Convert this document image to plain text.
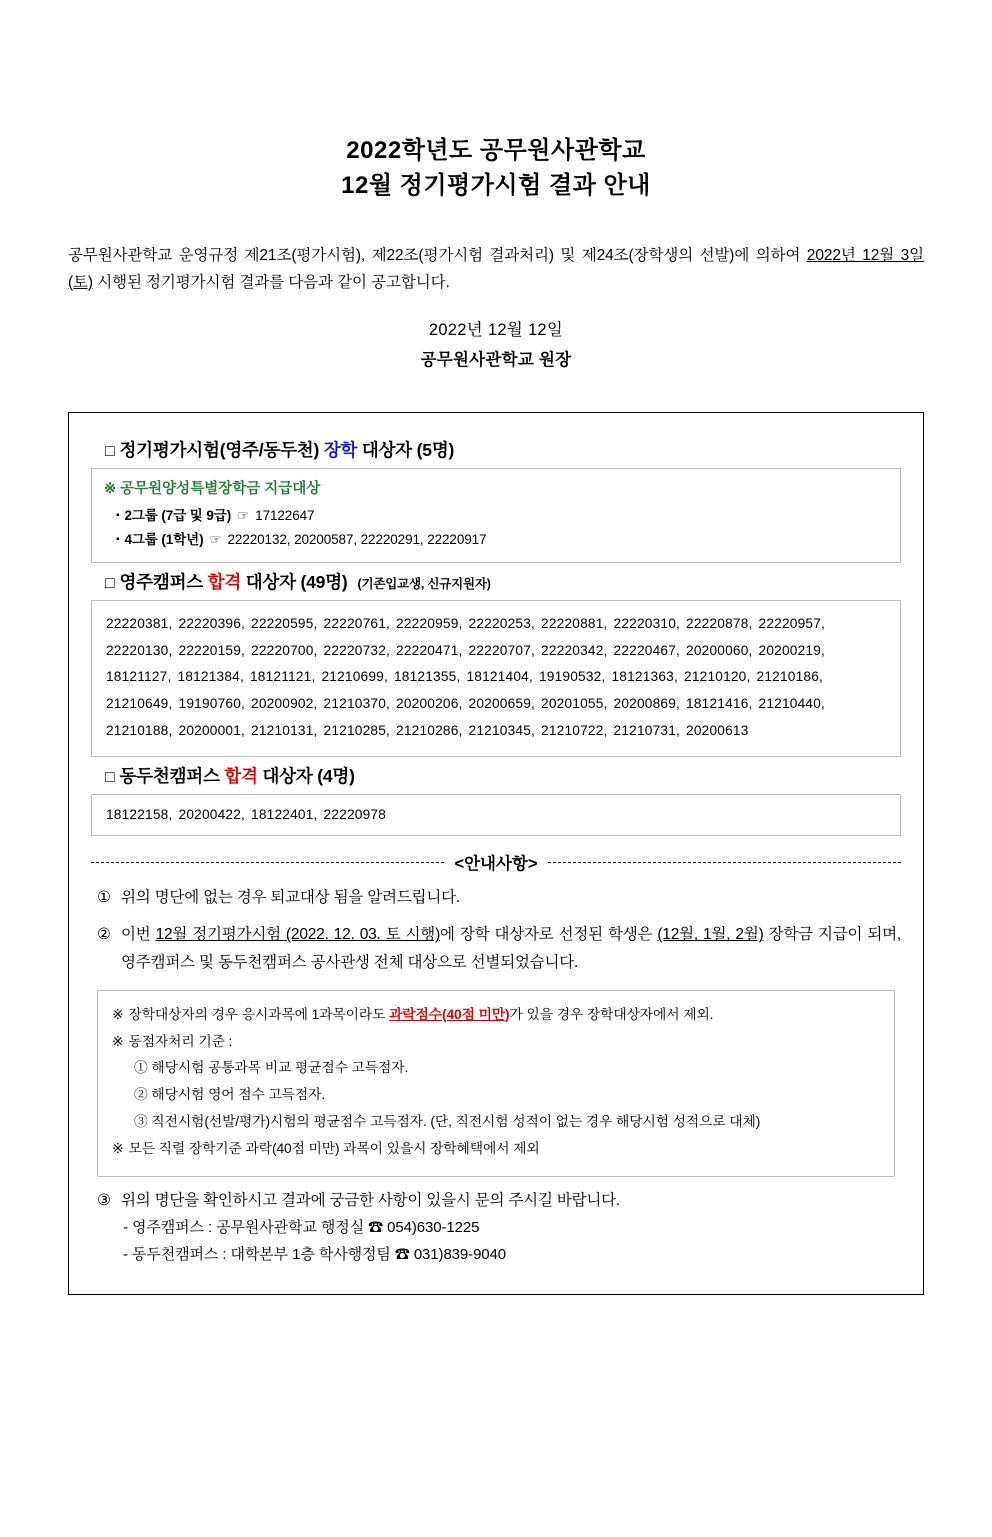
2022학년도 공무원사관학교
12월 정기평가시험 결과 안내
공무원사관학교 운영규정 제21조(평가시험), 제22조(평가시험 결과처리) 및 제24조(장학생의 선발)에 의하여 2022년 12월 3일 (토) 시행된 정기평가시험 결과를 다음과 같이 공고합니다.
2022년 12월 12일
공무원사관학교 원장
□ 정기평가시험(영주/동두천) 장학 대상자 (5명)
※ 공무원양성특별장학금 지급대상
▪ 2그룹 (7급 및 9급) ☞ 17122647
▪ 4그룹 (1학년) ☞ 22220132, 20200587, 22220291, 22220917
□ 영주캠퍼스 합격 대상자 (49명) (기존입교생, 신규지원자)
22220381, 22220396, 22220595, 22220761, 22220959, 22220253, 22220881, 22220310, 22220878, 22220957, 22220130, 22220159, 22220700, 22220732, 22220471, 22220707, 22220342, 22220467, 20200060, 20200219, 18121127, 18121384, 18121121, 21210699, 18121355, 18121404, 19190532, 18121363, 21210120, 21210186, 21210649, 19190760, 20200902, 21210370, 20200206, 20200659, 20201055, 20200869, 18121416, 21210440, 21210188, 20200001, 21210131, 21210285, 21210286, 21210345, 21210722, 21210731, 20200613
□ 동두천캠퍼스 합격 대상자 (4명)
18122158, 20200422, 18122401, 22220978
<안내사항>
① 위의 명단에 없는 경우 퇴교대상 됨을 알려드립니다.
② 이번 12월 정기평가시험 (2022. 12. 03. 토 시행)에 장학 대상자로 선정된 학생은 (12월, 1월, 2월) 장학금 지급이 되며, 영주캠퍼스 및 동두천캠퍼스 공사관생 전체 대상으로 선별되었습니다.
※ 장학대상자의 경우 응시과목에 1과목이라도 과락점수(40점 미만)가 있을 경우 장학대상자에서 제외.
※ 동점자처리 기준 :
① 해당시험 공통과목 비교 평균점수 고득점자.
② 해당시험 영어 점수 고득점자.
③ 직전시험(선발/평가)시험의 평균점수 고득점자. (단, 직전시험 성적이 없는 경우 해당시험 성적으로 대체)
※ 모든 직렬 장학기준 과락(40점 미만) 과목이 있을시 장학혜택에서 제외
③ 위의 명단을 확인하시고 결과에 궁금한 사항이 있을시 문의 주시길 바랍니다.
- 영주캠퍼스 : 공무원사관학교 행정실 ☎ 054)630-1225
- 동두천캠퍼스 : 대학본부 1층 학사행정팀 ☎ 031)839-9040
